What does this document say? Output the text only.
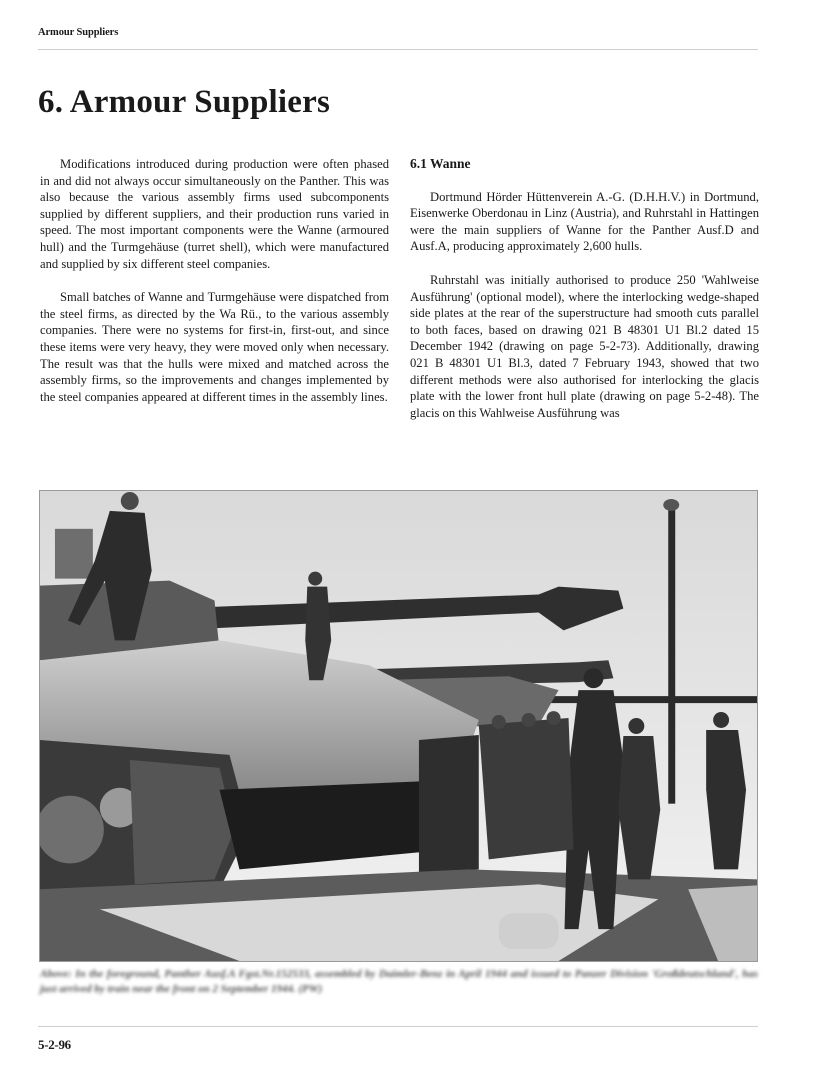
Armour Suppliers
6. Armour Suppliers

Modifications introduced during production were often phased in and did not always occur simultaneously on the Panther. This was also because the various assembly firms used subcomponents supplied by different suppliers, and their production runs varied in speed. The most important components were the Wanne (armoured hull) and the Turmgehäuse (turret shell), which were manufactured and supplied by six different steel companies.

Small batches of Wanne and Turmgehäuse were dispatched from the steel firms, as directed by the Wa Rü., to the various assembly companies. There were no systems for first-in, first-out, and since these items were very heavy, they were moved only when necessary. The result was that the hulls were mixed and matched across the assembly firms, so the improvements and changes implemented by the steel companies appeared at different times in the assembly lines.

6.1 Wanne

Dortmund Hörder Hüttenverein A.-G. (D.H.H.V.) in Dortmund, Eisenwerke Oberdonau in Linz (Austria), and Ruhrstahl in Hattingen were the main suppliers of Wanne for the Panther Ausf.D and Ausf.A, producing approximately 2,600 hulls.

Ruhrstahl was initially authorised to produce 250 'Wahlweise Ausführung' (optional model), where the interlocking wedge-shaped side plates at the rear of the superstructure had smooth cuts parallel to both faces, based on drawing 021 B 48301 U1 Bl.2 dated 15 December 1942 (drawing on page 5-2-73). Additionally, drawing 021 B 48301 U1 Bl.3, dated 7 February 1943, showed that two different methods were also authorised for interlocking the glacis plate with the lower front hull plate (drawing on page 5-2-48). The glacis on this Wahlweise Ausführung was

Above: In the foreground, Panther Ausf.A Fgst.Nr.152533, assembled by Daimler-Benz in April 1944 and issued to Panzer Division 'Großdeutschland', has just arrived by train near the front on 2 September 1944. (PW)
5-2-96
